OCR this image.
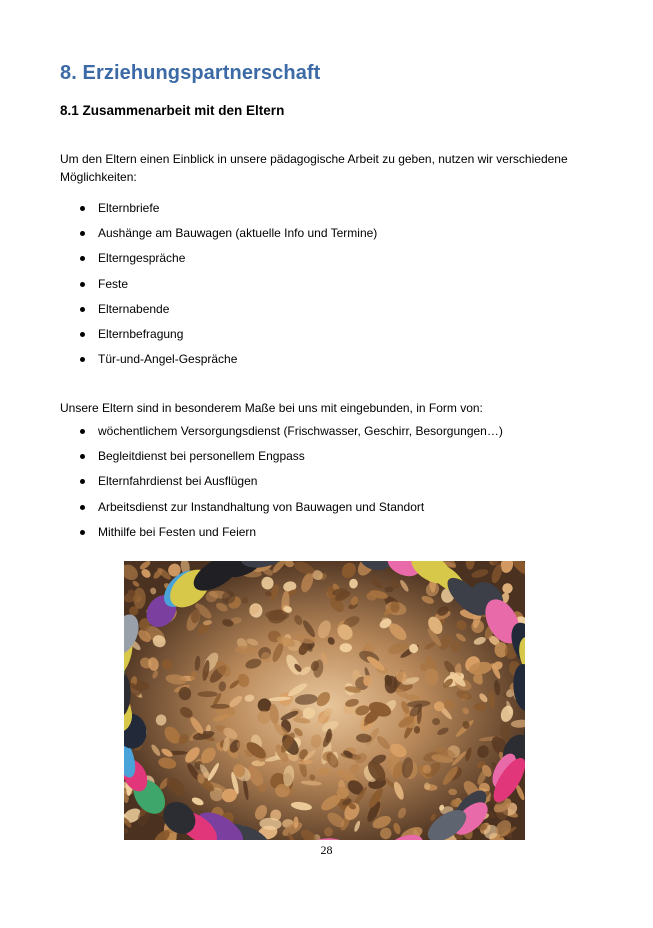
8. Erziehungspartnerschaft
8.1 Zusammenarbeit mit den Eltern

Um den Eltern einen Einblick in unsere pädagogische Arbeit zu geben, nutzen wir verschiedene Möglichkeiten:

Elternbriefe
Aushänge am Bauwagen (aktuelle Info und Termine)
Elterngespräche
Feste
Elternabende
Elternbefragung
Tür-und-Angel-Gespräche

Unsere Eltern sind in besonderem Maße bei uns mit eingebunden, in Form von:

wöchentlichem Versorgungsdienst (Frischwasser, Geschirr, Besorgungen…)
Begleitdienst bei personellem Engpass
Elternfahrdienst bei Ausflügen
Arbeitsdienst zur Instandhaltung von Bauwagen und Standort
Mithilfe bei Festen und Feiern
28
